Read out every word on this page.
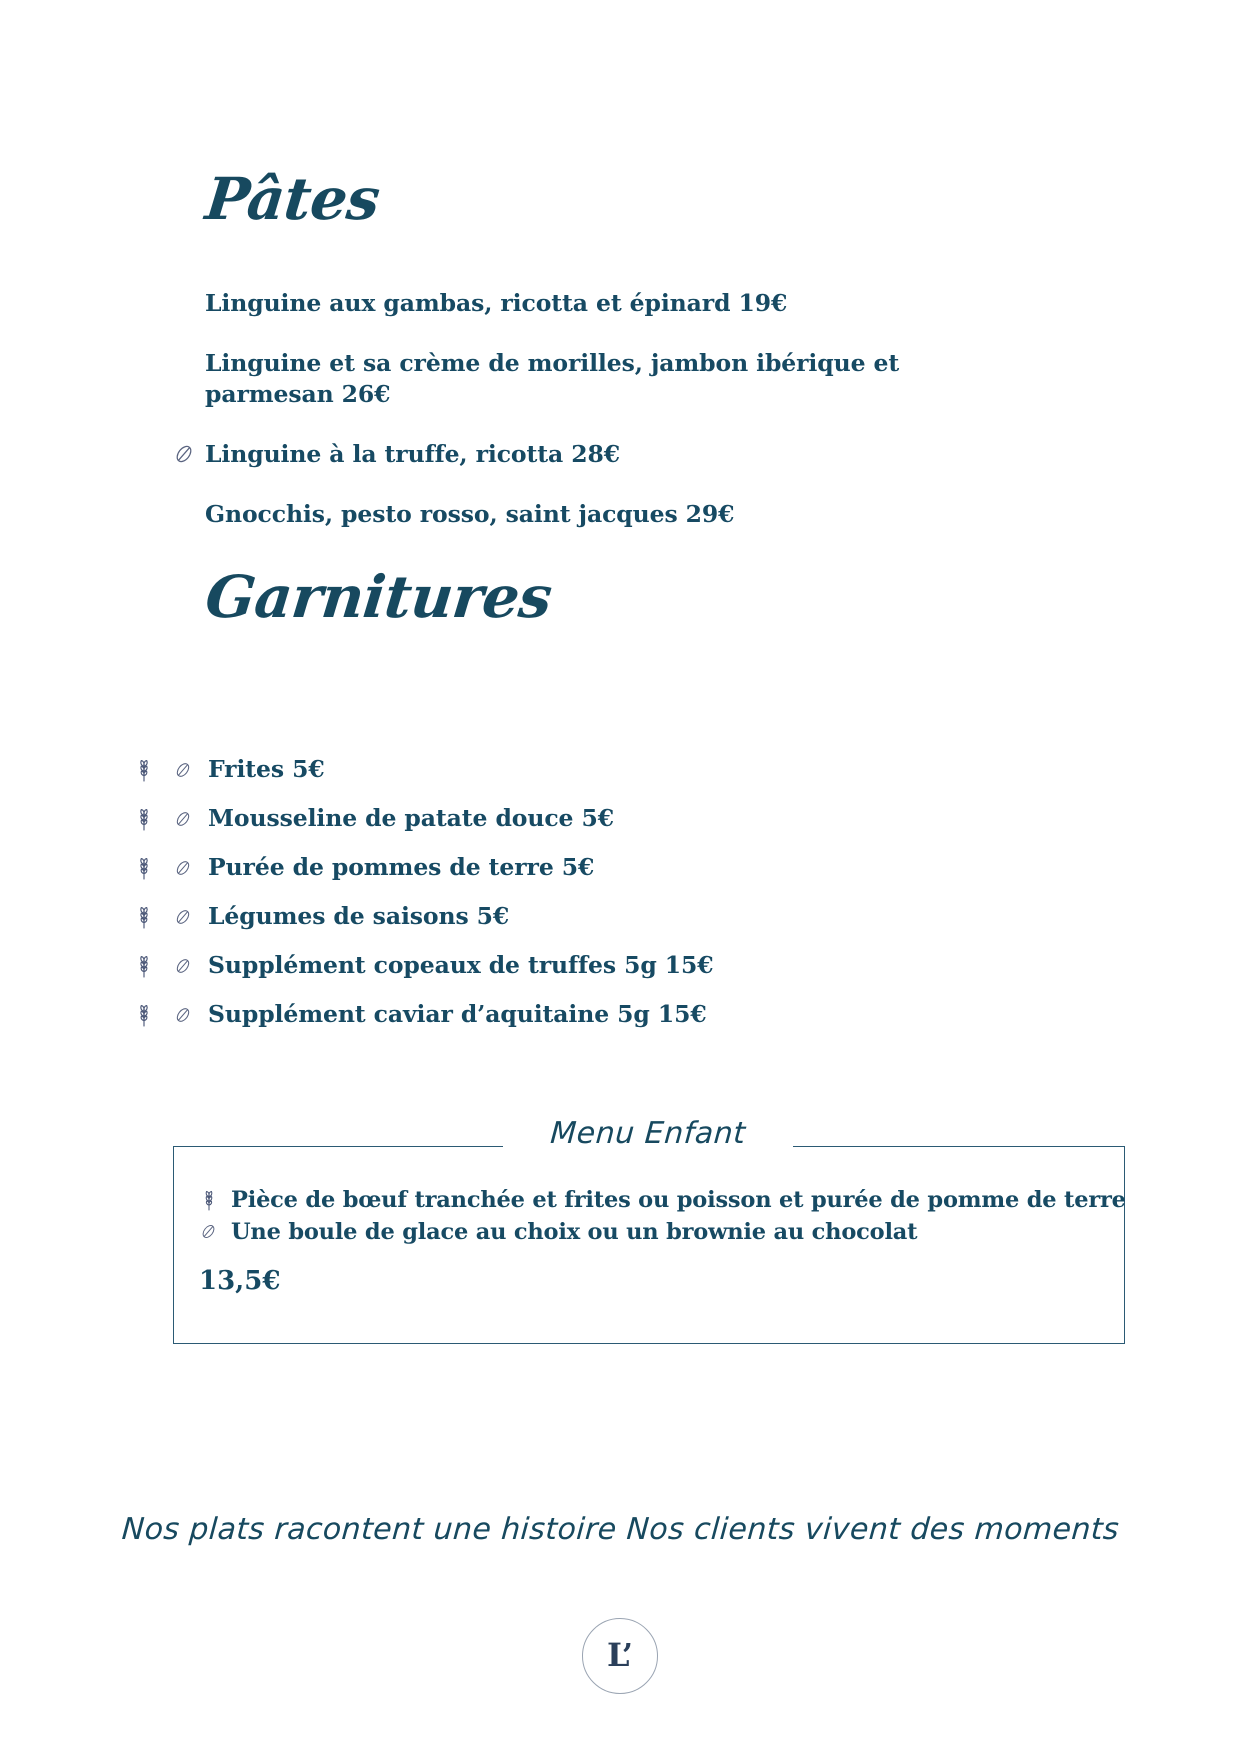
Pâtes
Linguine aux gambas, ricotta et épinard 19€
Linguine et sa crème de morilles, jambon ibérique et parmesan 26€
Linguine à la truffe, ricotta 28€
Gnocchis, pesto rosso, saint jacques 29€
Garnitures
Frites 5€
Mousseline de patate douce 5€
Purée de pommes de terre 5€
Légumes de saisons 5€
Supplément copeaux de truffes 5g 15€
Supplément caviar d’aquitaine 5g 15€
Menu Enfant
Pièce de bœuf tranchée et frites ou poisson et purée de pomme de terre
Une boule de glace au choix ou un brownie au chocolat
13,5€
Nos plats racontent une histoire Nos clients vivent des moments
L’
